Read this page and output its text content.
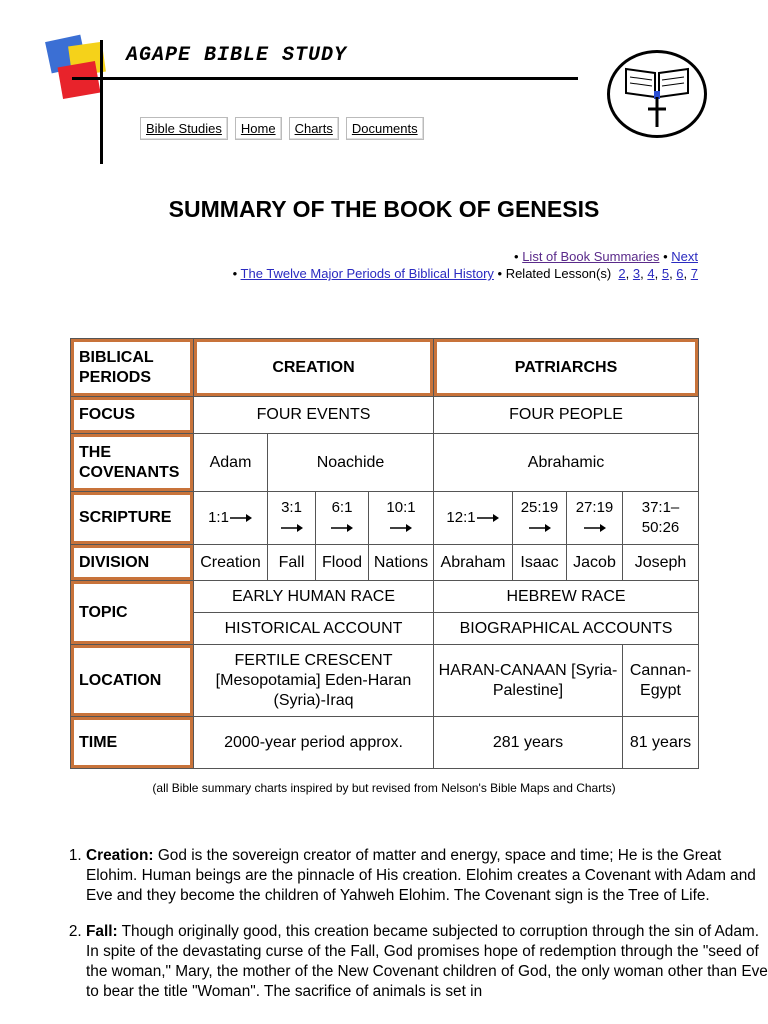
AGAPE BIBLE STUDY
Bible Studies	Home	Charts	Documents
SUMMARY OF THE BOOK OF GENESIS
• List of Book Summaries • Next
• The Twelve Major Periods of Biblical History • Related Lesson(s) 2, 3, 4, 5, 6, 7
BIBLICAL PERIODS	CREATION				PATRIARCHS			
FOCUS	FOUR EVENTS				FOUR PEOPLE			
THE COVENANTS	Adam	Noachide			Abrahamic			
SCRIPTURE	1:1	3:1	6:1	10:1	12:1	25:19	27:19	37:1– 50:26
DIVISION	Creation	Fall	Flood	Nations	Abraham	Isaac	Jacob	Joseph
TOPIC	EARLY HUMAN RACE				HEBREW RACE			
	HISTORICAL ACCOUNT				BIOGRAPHICAL ACCOUNTS			
LOCATION	FERTILE CRESCENT [Mesopotamia] Eden-Haran (Syria)-Iraq				HARAN-CANAAN [Syria-Palestine]			Cannan-Egypt
TIME	2000-year period approx.				281 years			81 years
(all Bible summary charts inspired by but revised from Nelson's Bible Maps and Charts)
1. Creation: God is the sovereign creator of matter and energy, space and time; He is the Great Elohim. Human beings are the pinnacle of His creation. Elohim creates a Covenant with Adam and Eve and they become the children of Yahweh Elohim. The Covenant sign is the Tree of Life.
2. Fall: Though originally good, this creation became subjected to corruption through the sin of Adam. In spite of the devastating curse of the Fall, God promises hope of redemption through the "seed of the woman," Mary, the mother of the New Covenant children of God, the only woman other than Eve to bear the title "Woman". The sacrifice of animals is set in
